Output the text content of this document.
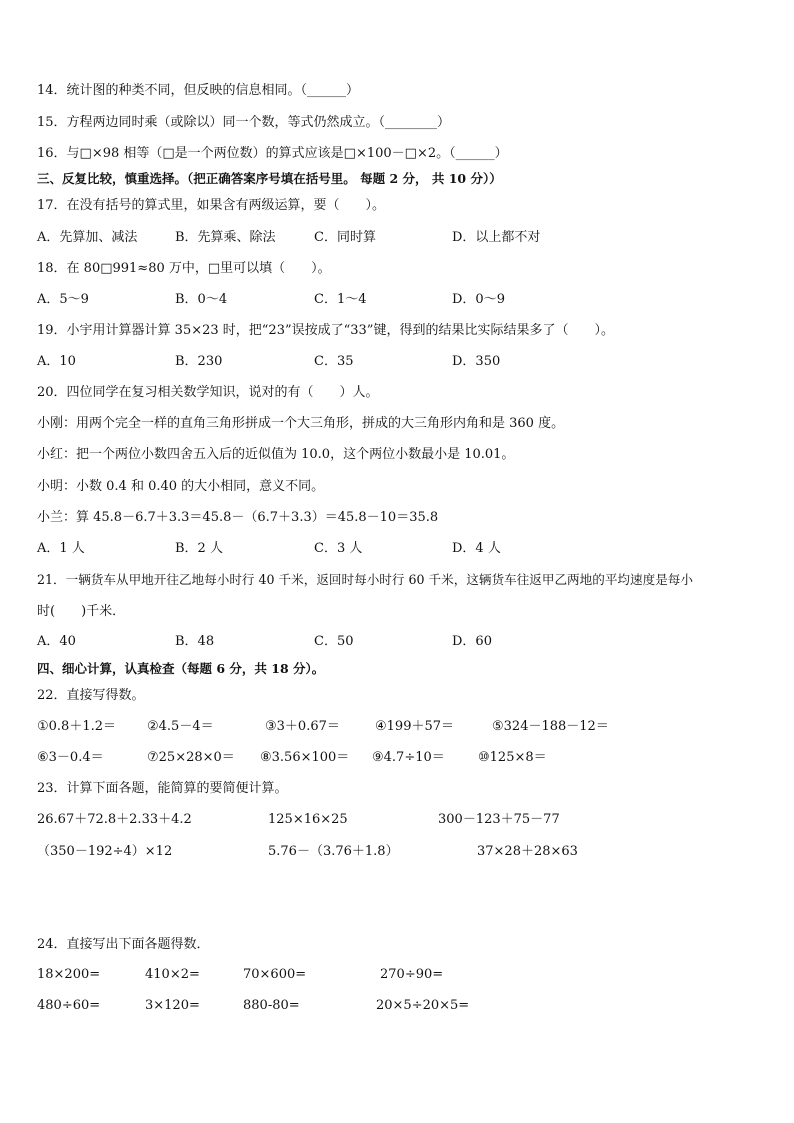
14．统计图的种类不同，但反映的信息相同。（______）
15．方程两边同时乘（或除以）同一个数，等式仍然成立。（________）
16．与□×98 相等（□是一个两位数）的算式应该是□×100－□×2。（______）
三、反复比较，慎重选择。（把正确答案序号填在括号里。 每题 2 分， 共 10 分））
17．在没有括号的算式里，如果含有两级运算，要（　　）。
A．先算加、减法	B．先算乘、除法	C．同时算	D．以上都不对
18．在 80□991≈80 万中，□里可以填（　　）。
A．5～9	B．0～4	C．1～4	D．0～9
19．小宇用计算器计算 35×23 时，把“23”误按成了“33”键，得到的结果比实际结果多了（　　）。
A．10	B．230	C．35	D．350
20．四位同学在复习相关数学知识，说对的有（　　）人。
小刚：用两个完全一样的直角三角形拼成一个大三角形，拼成的大三角形内角和是 360 度。
小红：把一个两位小数四舍五入后的近似值为 10.0，这个两位小数最小是 10.01。
小明：小数 0.4 和 0.40 的大小相同，意义不同。
小兰：算 45.8－6.7＋3.3＝45.8－（6.7＋3.3）＝45.8－10＝35.8
A．1 人	B．2 人	C．3 人	D．4 人
21．一辆货车从甲地开往乙地每小时行 40 千米，返回时每小时行 60 千米，这辆货车往返甲乙两地的平均速度是每小
时(　　)千米．
A．40	B．48	C．50	D．60
四、细心计算，认真检查（每题 6 分，共 18 分）。
22．直接写得数。
①0.8＋1.2＝ ②4.5－4＝	③3＋0.67＝	④199＋57＝	⑤324－188－12＝
⑥3－0.4＝	⑦25×28×0＝ ⑧3.56×100＝ ⑨4.7÷10＝	⑩125×8＝
23．计算下面各题，能简算的要简便计算。
26.67＋72.8＋2.33＋4.2	125×16×25	300－123＋75－77
（350－192÷4）×12	5.76－（3.76＋1.8）	37×28＋28×63
24．直接写出下面各题得数．
18×200=	410×2=	70×600=	270÷90=
480÷60=	3×120=	880-80=	20×5÷20×5=
